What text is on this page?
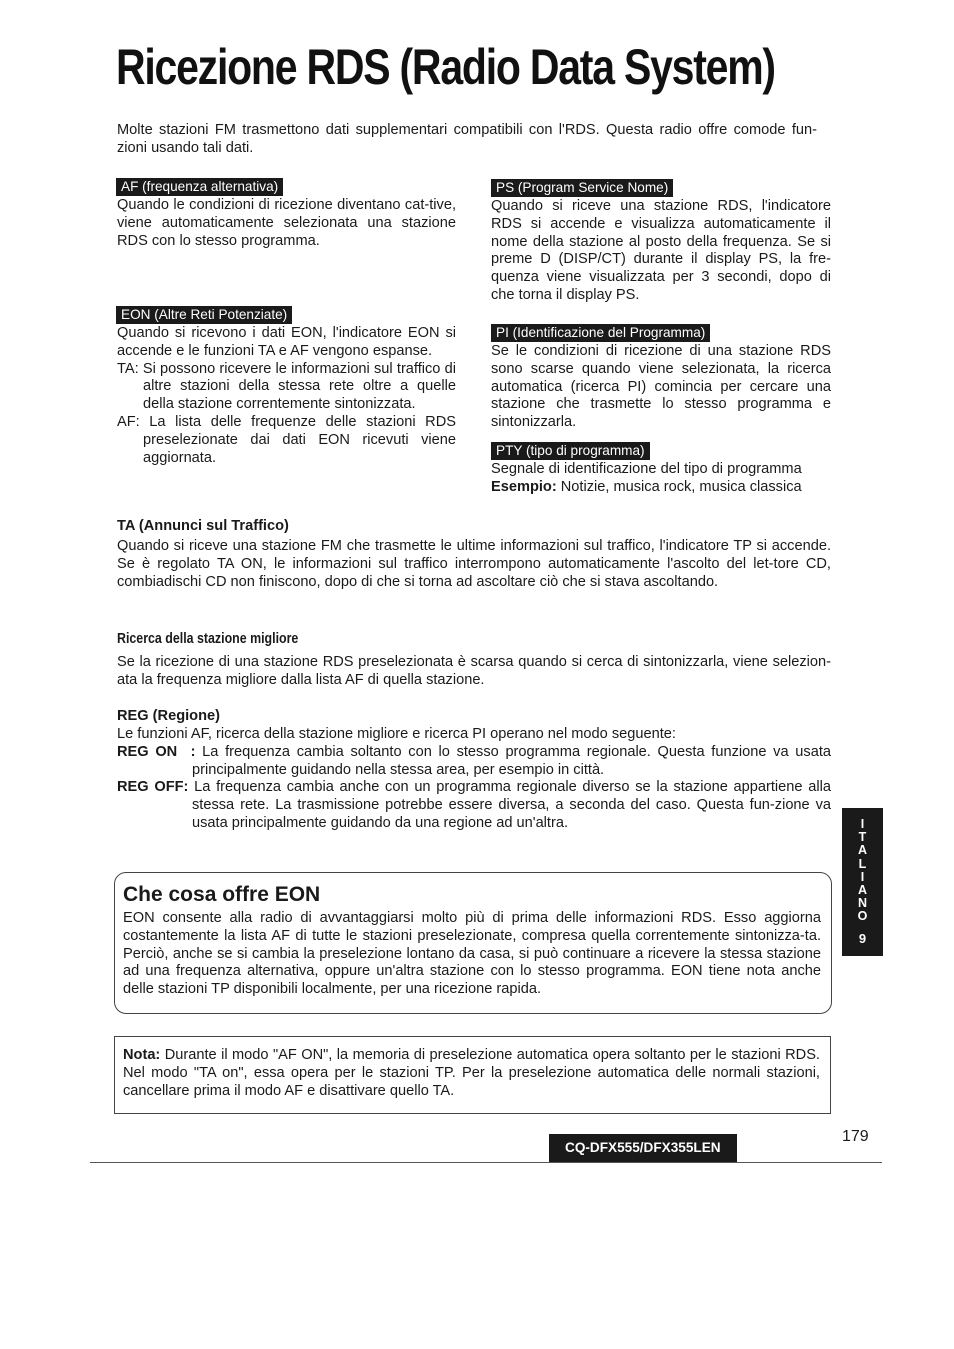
Ricezione RDS (Radio Data System)
Molte stazioni FM trasmettono dati supplementari compatibili con l'RDS. Questa radio offre comode fun-zioni usando tali dati.
AF (frequenza alternativa)
Quando le condizioni di ricezione diventano cat-tive, viene automaticamente selezionata una stazione RDS con lo stesso programma.
EON (Altre Reti Potenziate)
Quando si ricevono i dati EON, l'indicatore EON si accende e le funzioni TA e AF vengono espanse.
TA: Si possono ricevere le informazioni sul traffico di altre stazioni della stessa rete oltre a quelle della stazione correntemente sintonizzata.
AF: La lista delle frequenze delle stazioni RDS preselezionate dai dati EON ricevuti viene aggiornata.
PS (Program Service Nome)
Quando si riceve una stazione RDS, l'indicatore RDS si accende e visualizza automaticamente il nome della stazione al posto della frequenza. Se si preme D (DISP/CT) durante il display PS, la fre-quenza viene visualizzata per 3 secondi, dopo di che torna il display PS.
PI (Identificazione del Programma)
Se le condizioni di ricezione di una stazione RDS sono scarse quando viene selezionata, la ricerca automatica (ricerca PI) comincia per cercare una stazione che trasmette lo stesso programma e sintonizzarla.
PTY (tipo di programma)
Segnale di identificazione del tipo di programma
Esempio: Notizie, musica rock, musica classica
TA (Annunci sul Traffico)
Quando si riceve una stazione FM che trasmette le ultime informazioni sul traffico, l'indicatore TP si accende. Se è regolato TA ON, le informazioni sul traffico interrompono automaticamente l'ascolto del let-tore CD, combiadischi CD non finiscono, dopo di che si torna ad ascoltare ciò che si stava ascoltando.
Ricerca della stazione migliore
Se la ricezione di una stazione RDS preselezionata è scarsa quando si cerca di sintonizzarla, viene selezion-ata la frequenza migliore dalla lista AF di quella stazione.
REG (Regione)
Le funzioni AF, ricerca della stazione migliore e ricerca PI operano nel modo seguente:
REG ON  : La frequenza cambia soltanto con lo stesso programma regionale. Questa funzione va usata principalmente guidando nella stessa area, per esempio in città.
REG OFF: La frequenza cambia anche con un programma regionale diverso se la stazione appartiene alla stessa rete. La trasmissione potrebbe essere diversa, a seconda del caso. Questa fun-zione va usata principalmente guidando da una regione ad un'altra.	I
T
A
L
I
A
N
O
9
Che cosa offre EON
EON consente alla radio di avvantaggiarsi molto più di prima delle informazioni RDS. Esso aggiorna costantemente la lista AF di tutte le stazioni preselezionate, compresa quella correntemente sintonizza-ta. Perciò, anche se si cambia la preselezione lontano da casa, si può continuare a ricevere la stessa stazione ad una frequenza alternativa, oppure un'altra stazione con lo stesso programma. EON tiene nota anche delle stazioni TP disponibili localmente, per una ricezione rapida.
Nota: Durante il modo "AF ON", la memoria di preselezione automatica opera soltanto per le stazioni RDS. Nel modo "TA on", essa opera per le stazioni TP. Per la preselezione automatica delle normali stazioni, cancellare prima il modo AF e disattivare quello TA.
CQ-DFX555/DFX355LEN
179
